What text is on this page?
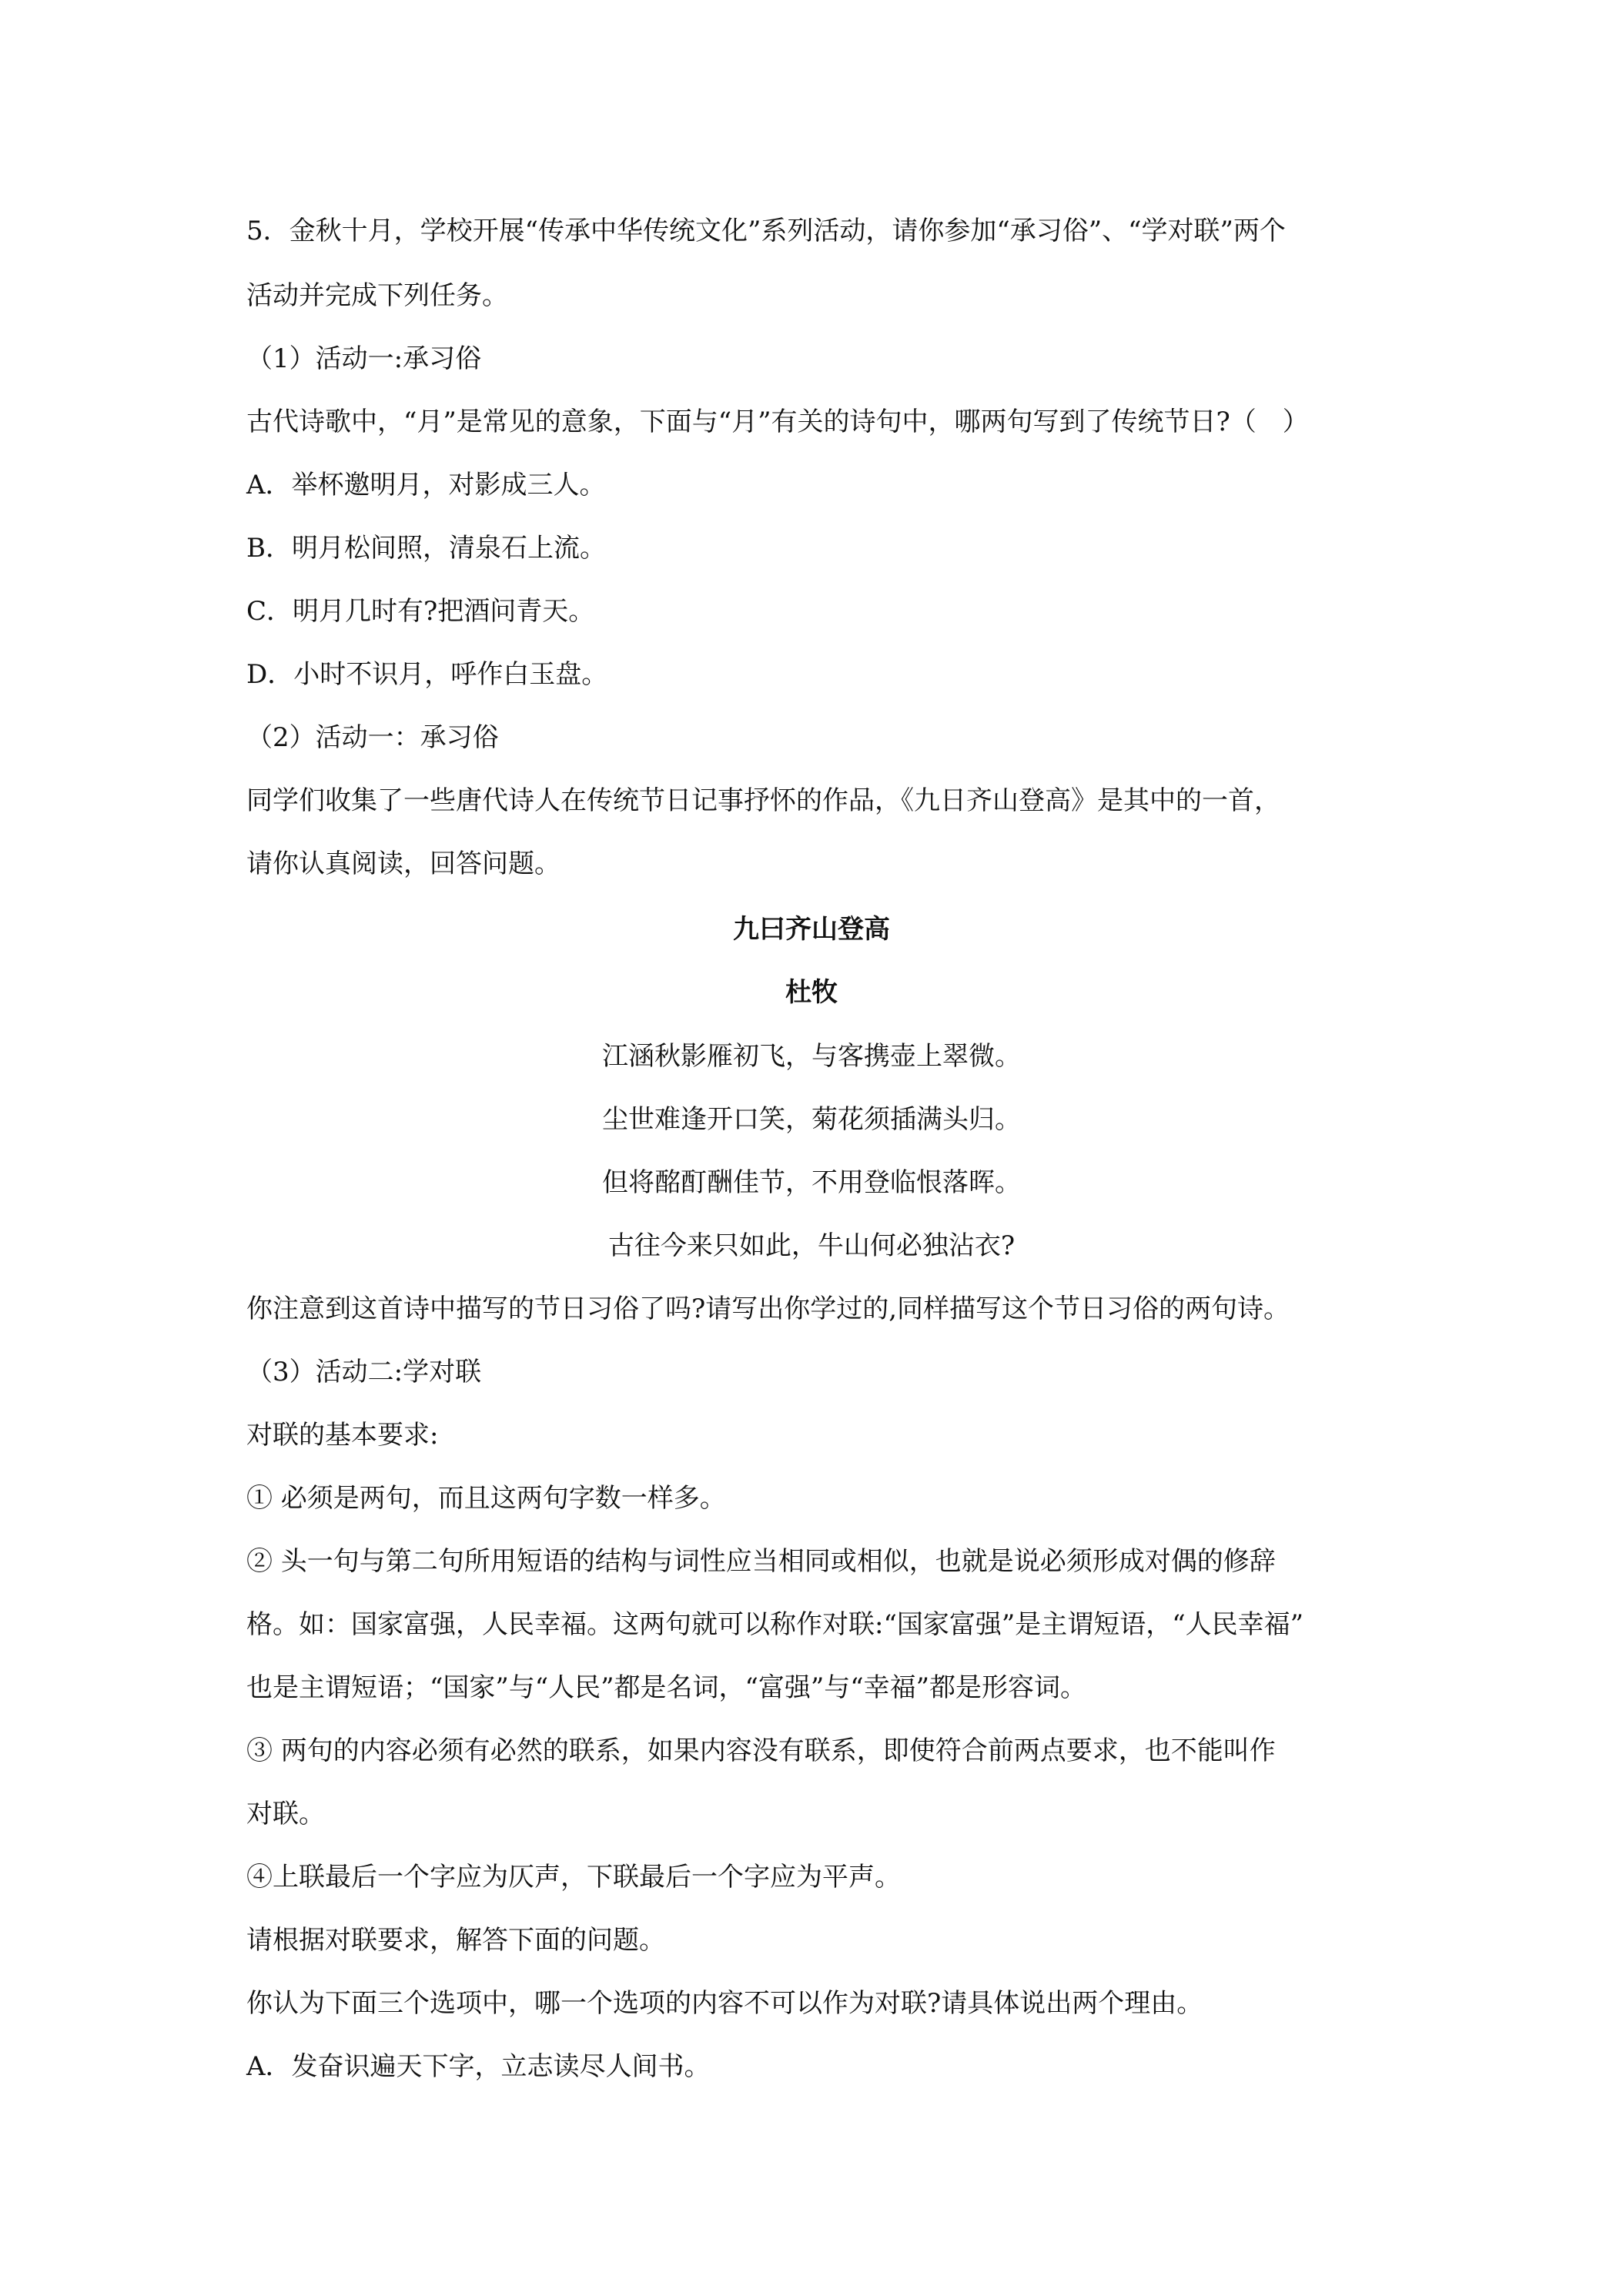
5．金秋十月，学校开展“传承中华传统文化”系列活动，请你参加“承习俗”、“学对联”两个
活动并完成下列任务。
（1）活动一:承习俗
古代诗歌中，“月”是常见的意象，下面与“月”有关的诗句中，哪两句写到了传统节日?（　）
A．举杯邀明月，对影成三人。
B．明月松间照，清泉石上流。
C．明月几时有?把酒问青天。
D．小时不识月，呼作白玉盘。
（2）活动一：承习俗
同学们收集了一些唐代诗人在传统节日记事抒怀的作品，《九日齐山登高》是其中的一首，
请你认真阅读，回答问题。
九曰齐山登高
杜牧
江涵秋影雁初飞，与客携壶上翠微。
尘世难逢开口笑，菊花须插满头归。
但将酩酊酬佳节，不用登临恨落晖。
古往今来只如此，牛山何必独沾衣?
你注意到这首诗中描写的节日习俗了吗?请写出你学过的,同样描写这个节日习俗的两句诗。
（3）活动二:学对联
对联的基本要求:
① 必须是两句，而且这两句字数一样多。
② 头一句与第二句所用短语的结构与词性应当相同或相似，也就是说必须形成对偶的修辞
格。如：国家富强，人民幸福。这两句就可以称作对联:“国家富强”是主谓短语，“人民幸福”
也是主谓短语；“国家”与“人民”都是名词，“富强”与“幸福”都是形容词。
③ 两句的内容必须有必然的联系，如果内容没有联系，即使符合前两点要求，也不能叫作
对联。
④上联最后一个字应为仄声，下联最后一个字应为平声。
请根据对联要求，解答下面的问题。
你认为下面三个选项中，哪一个选项的内容不可以作为对联?请具体说出两个理由。
A．发奋识遍天下字，立志读尽人间书。
